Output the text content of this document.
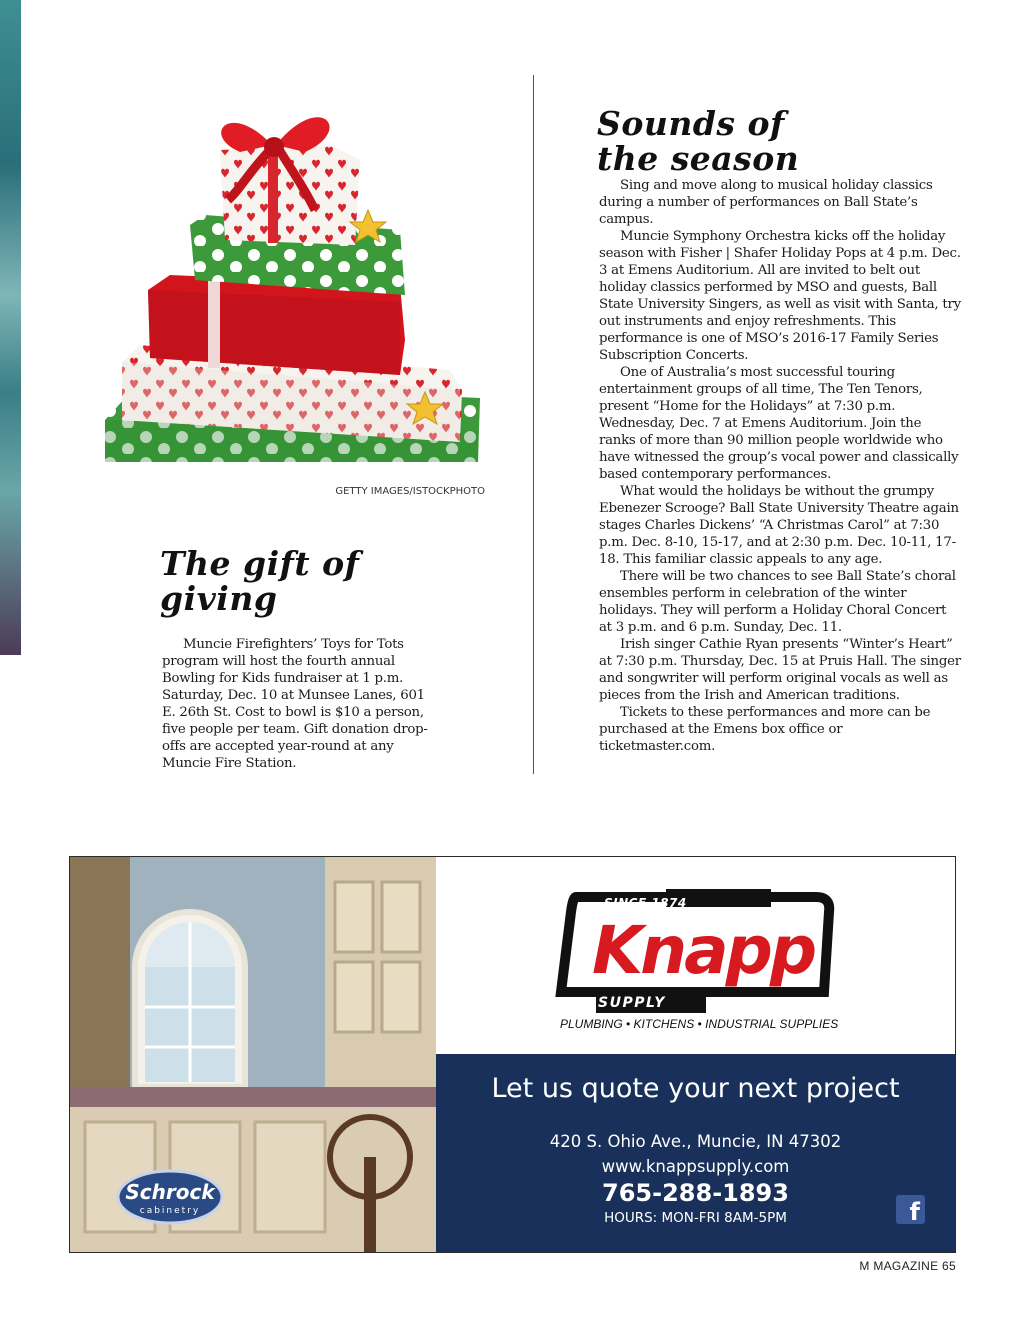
GETTY IMAGES/ISTOCKPHOTO

The gift of

giving

Muncie Firefighters’ Toys for Tots program will host the fourth annual Bowling for Kids fundraiser at 1 p.m. Saturday, Dec. 10 at Munsee Lanes, 601 E. 26th St. Cost to bowl is $10 a person, five people per team. Gift donation drop-offs are accepted year-round at any Muncie Fire Station.

Sounds of

the season

Sing and move along to musical holiday classics during a number of performances on Ball State’s campus.

Muncie Symphony Orchestra kicks off the holiday season with Fisher | Shafer Holiday Pops at 4 p.m. Dec. 3 at Emens Auditorium. All are invited to belt out holiday classics performed by MSO and guests, Ball State University Singers, as well as visit with Santa, try out instruments and enjoy refreshments. This performance is one of MSO’s 2016-17 Family Series Subscription Concerts.

One of Australia’s most successful touring entertainment groups of all time, The Ten Tenors, present “Home for the Holidays” at 7:30 p.m. Wednesday, Dec. 7 at Emens Auditorium. Join the ranks of more than 90 million people worldwide who have witnessed the group’s vocal power and classically based contemporary performances.

What would the holidays be without the grumpy Ebenezer Scrooge? Ball State University Theatre again stages Charles Dickens’ “A Christmas Carol” at 7:30 p.m. Dec. 8-10, 15-17, and at 2:30 p.m. Dec. 10-11, 17-18. This familiar classic appeals to any age.

There will be two chances to see Ball State’s choral ensembles perform in celebration of the winter holidays. They will perform a Holiday Choral Concert at 3 p.m. and 6 p.m. Sunday, Dec. 11.

Irish singer Cathie Ryan presents “Winter’s Heart” at 7:30 p.m. Thursday, Dec. 15 at Pruis Hall. The singer and songwriter will perform original vocals as well as pieces from the Irish and American traditions.

Tickets to these performances and more can be purchased at the Emens box office or ticketmaster.com.

Schrock
cabinetry
SINCE 1874
Knapp
SUPPLY
PLUMBING • KITCHENS • INDUSTRIAL SUPPLIES
Let us quote your next project
420 S. Ohio Ave., Muncie, IN 47302
www.knappsupply.com
765-288-1893
HOURS: MON-FRI 8AM-5PM	f
M MAGAZINE 65
